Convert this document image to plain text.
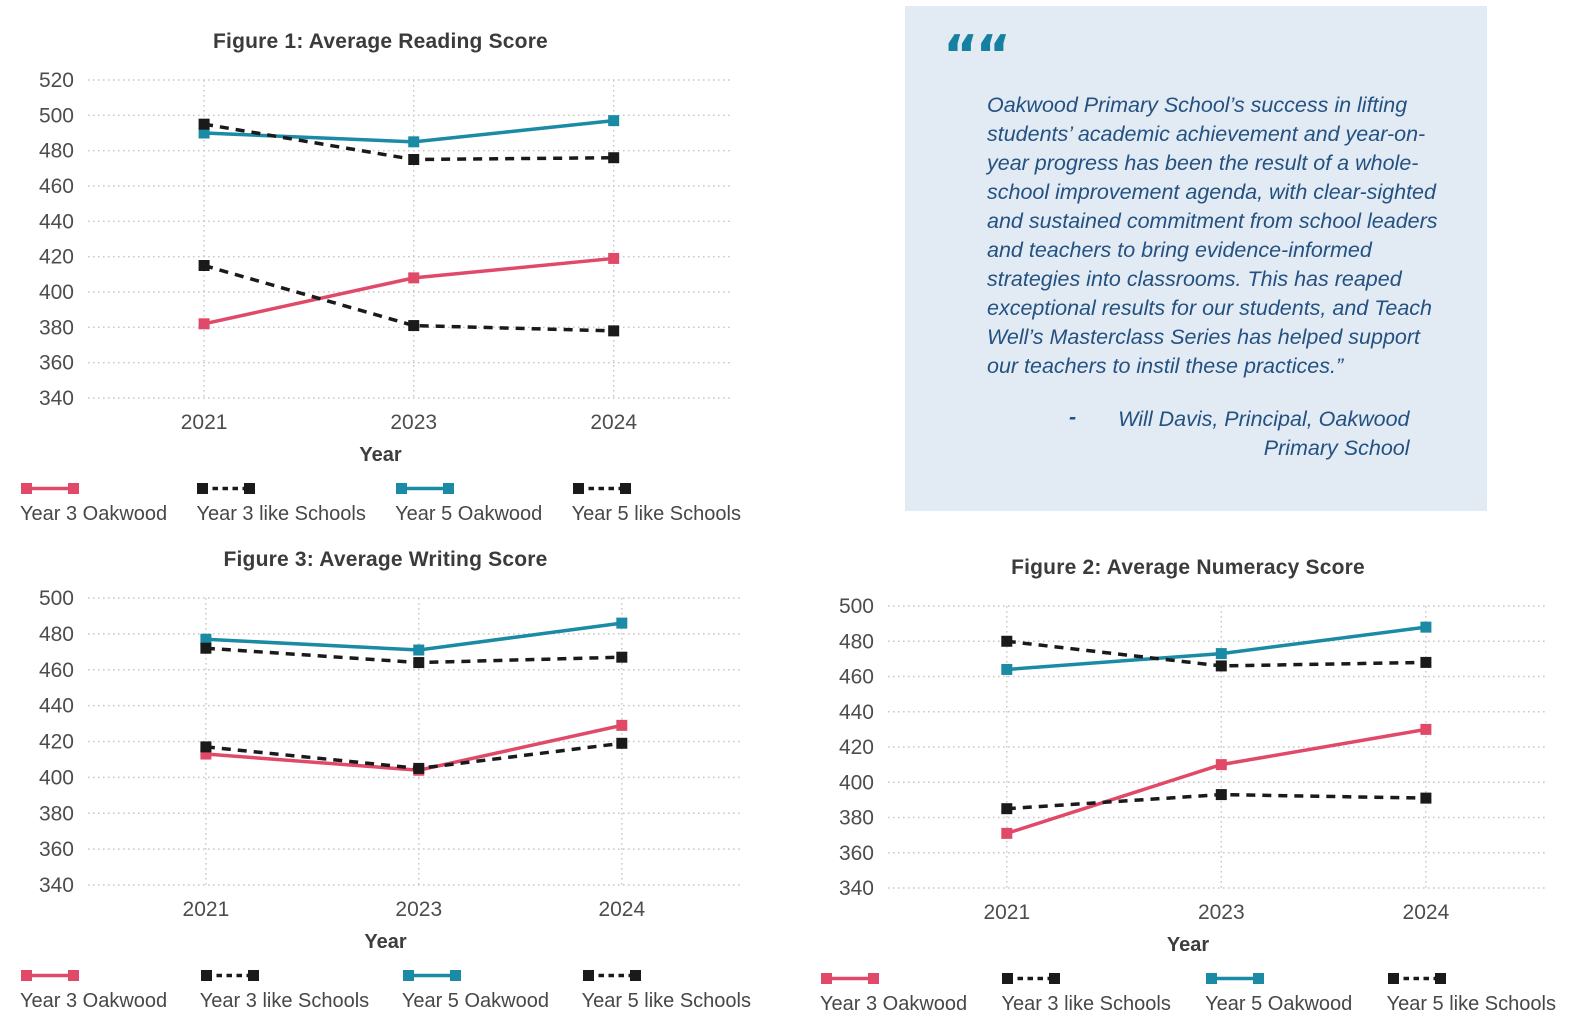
Figure 1: Average Reading Score
340
360
380
400
420
440
460
480
500
520
2021	2023	2024
Year
Year 3 Oakwood Year 3 like Schools Year 5 Oakwood Year 5 like Schools
““

Oakwood Primary School’s success in lifting students’ academic achievement and year-on-year progress has been the result of a whole-school improvement agenda, with clear-sighted and sustained commitment from school leaders and teachers to bring evidence-informed strategies into classrooms. This has reaped exceptional results for our students, and Teach Well’s Masterclass Series has helped support our teachers to instil these practices.”

- Will Davis, Principal, Oakwood
Primary School
Figure 3: Average Writing Score
340
360
380
400
420
440
460
480
500
2021	2023	2024
Year
Year 3 Oakwood Year 3 like Schools Year 5 Oakwood Year 5 like Schools
Figure 2: Average Numeracy Score
340
360
380
400
420
440
460
480
500
2021	2023	2024
Year
Year 3 Oakwood Year 3 like Schools Year 5 Oakwood Year 5 like Schools
